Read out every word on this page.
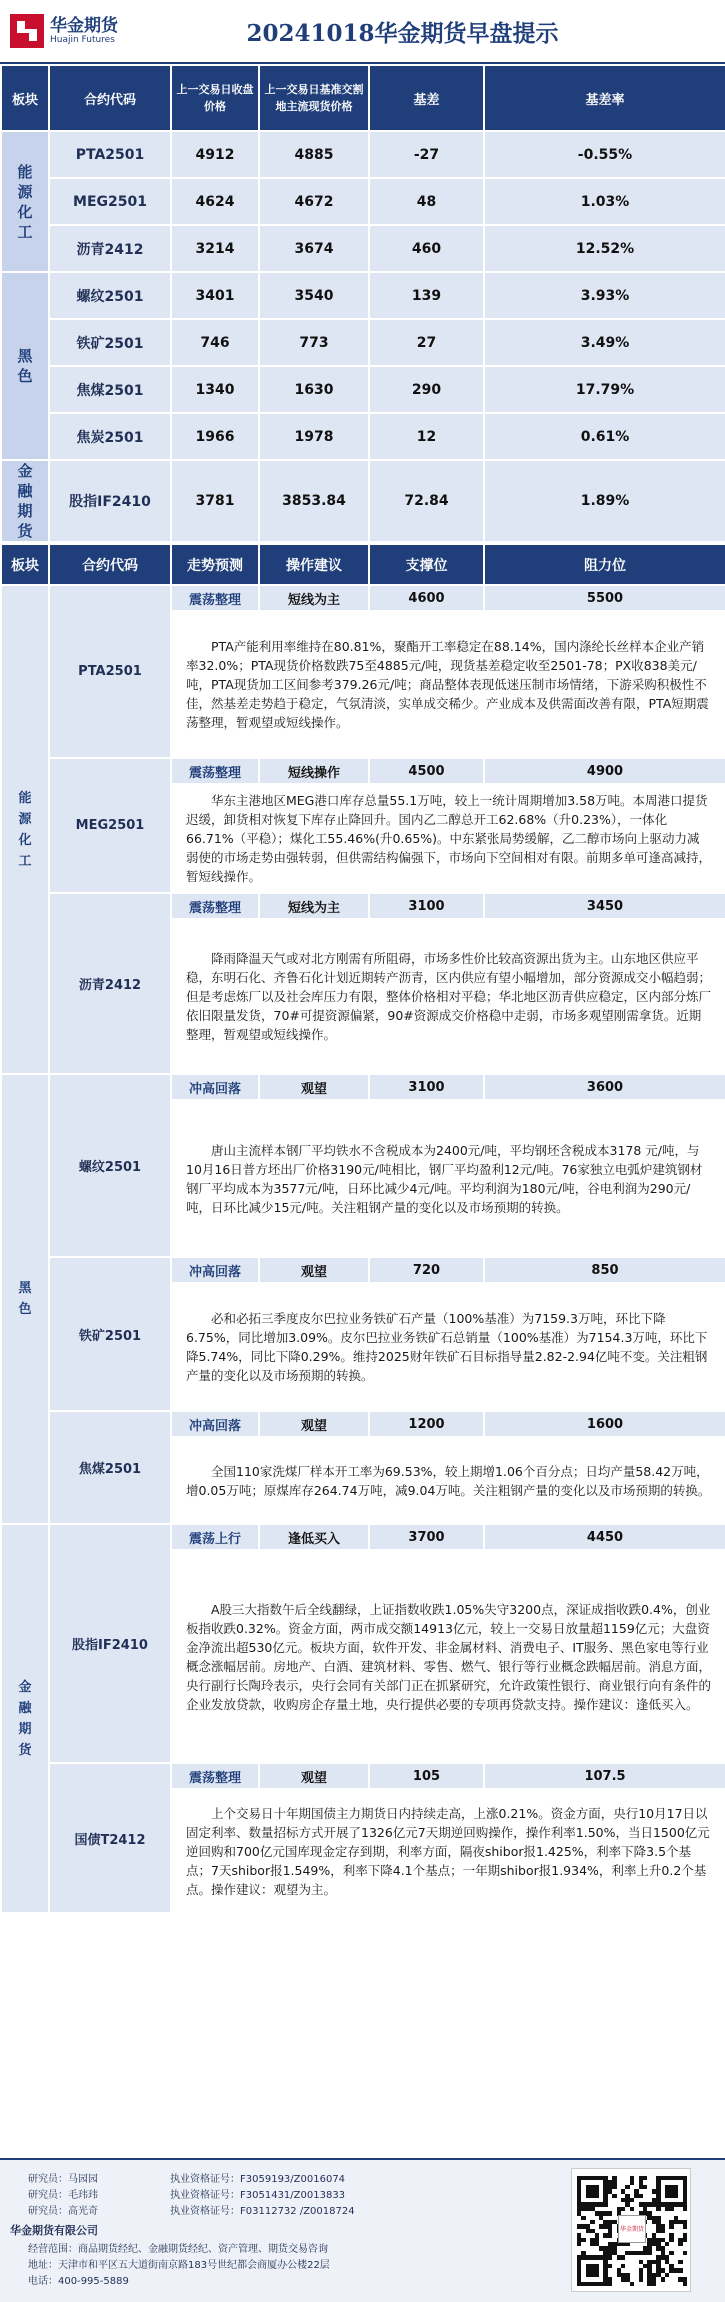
华金期货
Huajin Futures	20241018华金期货早盘提示
板块	合约代码	上一交易日收盘价格	上一交易日基准交割地主流现货价格	基差	基差率
能源化工	PTA2501	4912	4885	-27	-0.55%
	MEG2501	4624	4672	48	1.03%
	沥青2412	3214	3674	460	12.52%
黑色	螺纹2501	3401	3540	139	3.93%
	铁矿2501	746	773	27	3.49%
	焦煤2501	1340	1630	290	17.79%
	焦炭2501	1966	1978	12	0.61%
金融期货	股指IF2410	3781	3853.84	72.84	1.89%
板块	合约代码	走势预测	操作建议	支撑位	阻力位
能源化工	PTA2501	震荡整理	短线为主	4600	5500
		PTA产能利用率维持在80.81%，聚酯开工率稳定在88.14%，国内涤纶长丝样本企业产销率32.0%；PTA现货价格数跌75至4885元/吨，现货基差稳定收至2501-78；PX收838美元/吨，PTA现货加工区间参考379.26元/吨；商品整体表现低迷压制市场情绪，下游采购积极性不佳，然基差走势趋于稳定，气氛清淡，实单成交稀少。产业成本及供需面改善有限，PTA短期震荡整理，暂观望或短线操作。			
	MEG2501	震荡整理	短线操作	4500	4900
		华东主港地区MEG港口库存总量55.1万吨，较上一统计周期增加3.58万吨。本周港口提货迟缓，卸货相对恢复下库存止降回升。国内乙二醇总开工62.68%（升0.23%），一体化66.71%（平稳）；煤化工55.46%(升0.65%)。中东紧张局势缓解，乙二醇市场向上驱动力减弱使的市场走势由强转弱，但供需结构偏强下，市场向下空间相对有限。前期多单可逢高减持，暂短线操作。			
	沥青2412	震荡整理	短线为主	3100	3450
		降雨降温天气或对北方刚需有所阻碍，市场多性价比较高资源出货为主。山东地区供应平稳，东明石化、齐鲁石化计划近期转产沥青，区内供应有望小幅增加，部分资源成交小幅趋弱；但是考虑炼厂以及社会库压力有限，整体价格相对平稳；华北地区沥青供应稳定，区内部分炼厂依旧限量发货，70#可提资源偏紧，90#资源成交价格稳中走弱，市场多观望刚需拿货。近期整理，暂观望或短线操作。			
黑色	螺纹2501	冲高回落	观望	3100	3600
		唐山主流样本钢厂平均铁水不含税成本为2400元/吨，平均钢坯含税成本3178 元/吨，与10月16日普方坯出厂价格3190元/吨相比，钢厂平均盈利12元/吨。76家独立电弧炉建筑钢材钢厂平均成本为3577元/吨，日环比减少4元/吨。平均利润为180元/吨，谷电利润为290元/吨，日环比减少15元/吨。关注粗钢产量的变化以及市场预期的转换。			
	铁矿2501	冲高回落	观望	720	850
		必和必拓三季度皮尔巴拉业务铁矿石产量（100%基准）为7159.3万吨，环比下降6.75%，同比增加3.09%。皮尔巴拉业务铁矿石总销量（100%基准）为7154.3万吨，环比下降5.74%，同比下降0.29%。维持2025财年铁矿石目标指导量2.82-2.94亿吨不变。关注粗钢产量的变化以及市场预期的转换。			
	焦煤2501	冲高回落	观望	1200	1600
		全国110家洗煤厂样本开工率为69.53%，较上期增1.06个百分点；日均产量58.42万吨，增0.05万吨；原煤库存264.74万吨，减9.04万吨。关注粗钢产量的变化以及市场预期的转换。			
金融期货	股指IF2410	震荡上行	逢低买入	3700	4450
		A股三大指数午后全线翻绿，上证指数收跌1.05%失守3200点，深证成指收跌0.4%，创业板指收跌0.32%。资金方面，两市成交额14913亿元，较上一交易日放量超1159亿元；大盘资金净流出超530亿元。板块方面，软件开发、非金属材料、消费电子、IT服务、黑色家电等行业概念涨幅居前。房地产、白酒、建筑材料、零售、燃气、银行等行业概念跌幅居前。消息方面，央行副行长陶玲表示，央行会同有关部门正在抓紧研究，允许政策性银行、商业银行向有条件的企业发放贷款，收购房企存量土地，央行提供必要的专项再贷款支持。操作建议：逢低买入。			
	国债T2412	震荡整理	观望	105	107.5
		上个交易日十年期国债主力期货日内持续走高，上涨0.21%。资金方面，央行10月17日以固定利率、数量招标方式开展了1326亿元7天期逆回购操作，操作利率1.50%，当日1500亿元逆回购和700亿元国库现金定存到期，利率方面，隔夜shibor报1.425%，利率下降3.5个基点；7天shibor报1.549%，利率下降4.1个基点；一年期shibor报1.934%，利率上升0.2个基点。操作建议：观望为主。			
研究员：马园园	执业资格证号：F3059193/Z0016074
研究员：毛玮玮	执业资格证号：F3051431/Z0013833
研究员：高光奇	执业资格证号：F03112732 /Z0018724
华金期货有限公司
经营范围：商品期货经纪、金融期货经纪、资产管理、期货交易咨询
地址：天津市和平区五大道街南京路183号世纪都会商厦办公楼22层
电话：400-995-5889
华金期货
